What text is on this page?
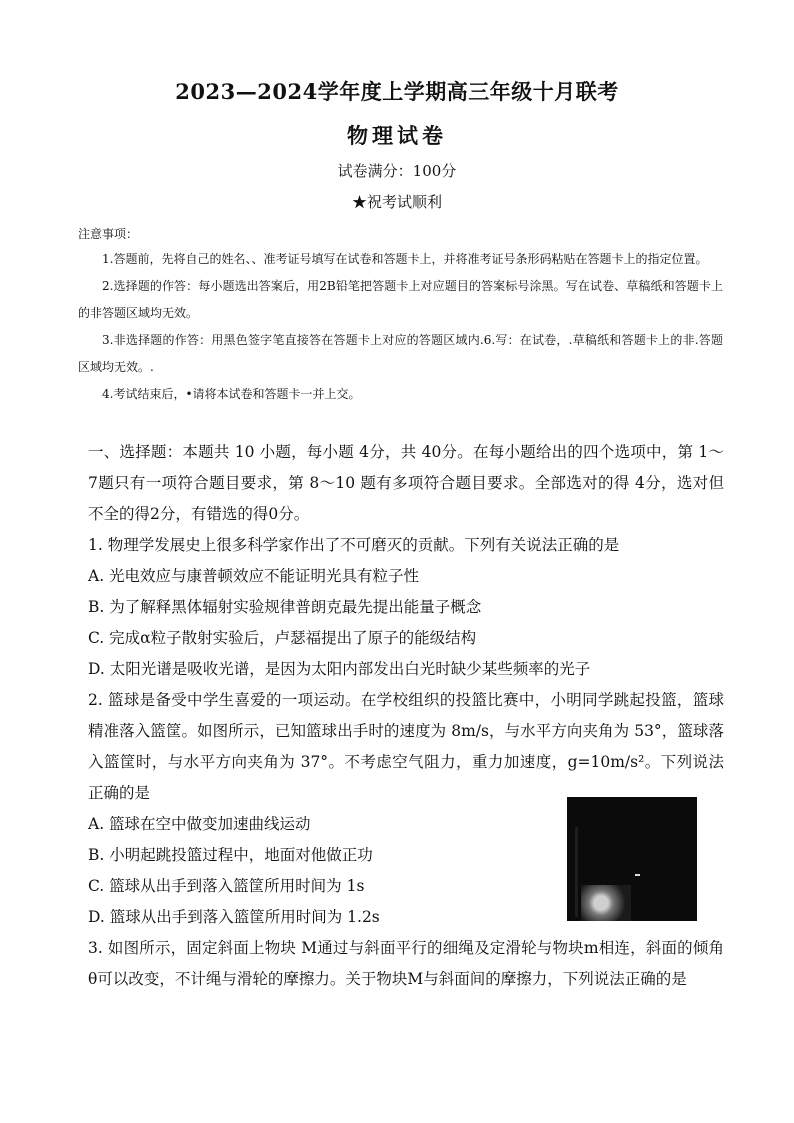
2023—2024学年度上学期高三年级十月联考
物理试卷
试卷满分：100分
★祝考试顺利
注意事项：
1.答题前，先将自己的姓名、、准考证号填写在试卷和答题卡上，并将准考证号条形码粘贴在答题卡上的指定位置。
2.选择题的作答：每小题选出答案后，用2B铅笔把答题卡上对应题目的答案标号涂黑。写在试卷、草稿纸和答题卡上的非答题区域均无效。
3.非选择题的作答：用黑色签字笔直接答在答题卡上对应的答题区域内.6.写：在试卷，.草稿纸和答题卡上的非.答题区域均无效。.
4.考试结束后，•请将本试卷和答题卡一并上交。
一、选择题：本题共 10 小题，每小题 4分，共 40分。在每小题给出的四个选项中，第 1～7题只有一项符合题目要求，第 8～10 题有多项符合题目要求。全部选对的得 4分，选对但不全的得2分，有错选的得0分。
1. 物理学发展史上很多科学家作出了不可磨灭的贡献。下列有关说法正确的是
A. 光电效应与康普顿效应不能证明光具有粒子性
B. 为了解释黑体辐射实验规律普朗克最先提出能量子概念
C. 完成α粒子散射实验后，卢瑟福提出了原子的能级结构
D. 太阳光谱是吸收光谱，是因为太阳内部发出白光时缺少某些频率的光子
2. 篮球是备受中学生喜爱的一项运动。在学校组织的投篮比赛中，小明同学跳起投篮，篮球精准落入篮筐。如图所示，已知篮球出手时的速度为 8m/s，与水平方向夹角为 53°，篮球落入篮筐时，与水平方向夹角为 37°。不考虑空气阻力，重力加速度，g=10m/s²。下列说法正确的是
A. 篮球在空中做变加速曲线运动
B. 小明起跳投篮过程中，地面对他做正功
C. 篮球从出手到落入篮筐所用时间为 1s
D. 篮球从出手到落入篮筐所用时间为 1.2s
3. 如图所示，固定斜面上物块 M通过与斜面平行的细绳及定滑轮与物块m相连，斜面的倾角 θ可以改变，不计绳与滑轮的摩擦力。关于物块M与斜面间的摩擦力，下列说法正确的是
